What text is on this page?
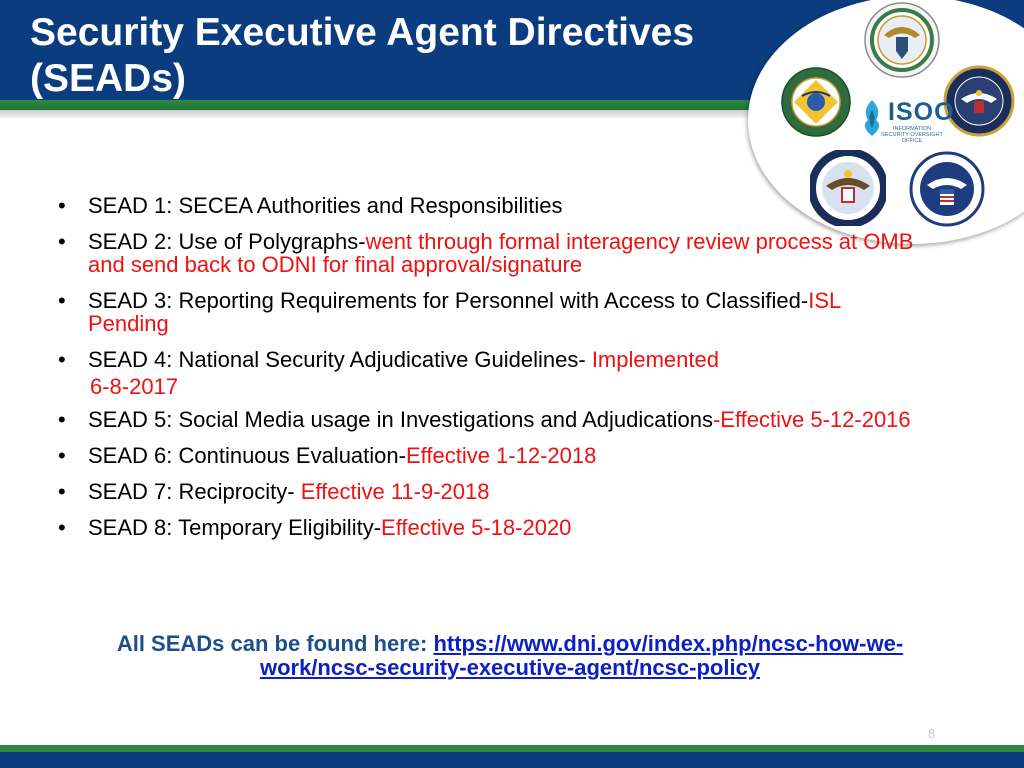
Security Executive Agent Directives
(SEADs)
ISOO
INFORMATION SECURITY OVERSIGHT OFFICE
• SEAD 1: SECEA Authorities and Responsibilities
• SEAD 2: Use of Polygraphs-went through formal interagency review process at OMB and send back to ODNI for final approval/signature
• SEAD 3: Reporting Requirements for Personnel with Access to Classified-ISL Pending
• SEAD 4: National Security Adjudicative Guidelines- Implemented
6-8-2017
• SEAD 5: Social Media usage in Investigations and Adjudications-Effective 5-12-2016
• SEAD 6: Continuous Evaluation-Effective 1-12-2018
• SEAD 7: Reciprocity- Effective 11-9-2018
• SEAD 8: Temporary Eligibility-Effective 5-18-2020

All SEADs can be found here: https://www.dni.gov/index.php/ncsc-how-we-work/ncsc-security-executive-agent/ncsc-policy

8
